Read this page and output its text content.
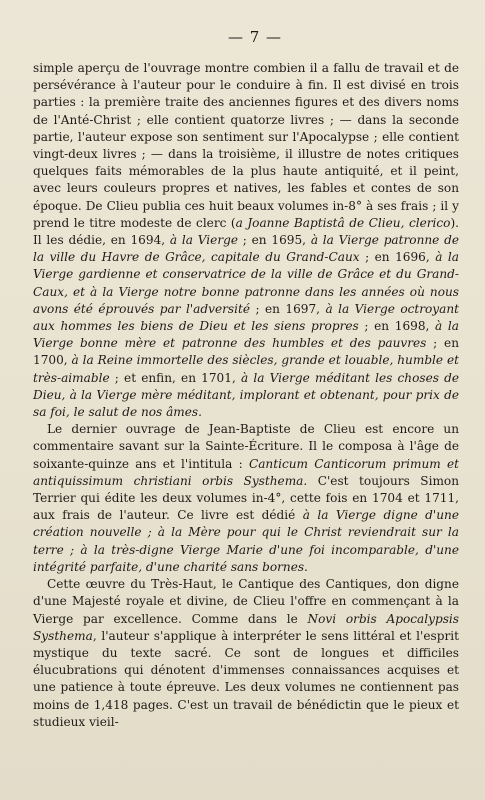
— 7 —

simple aperçu de l'ouvrage montre combien il a fallu de travail et de persévérance à l'auteur pour le conduire à fin. Il est divisé en trois parties : la première traite des anciennes figures et des divers noms de l'Anté-Christ ; elle contient quatorze livres ; — dans la seconde partie, l'auteur expose son sentiment sur l'Apocalypse ; elle contient vingt-deux livres ; — dans la troisième, il illustre de notes critiques quelques faits mémorables de la plus haute antiquité, et il peint, avec leurs couleurs propres et natives, les fables et contes de son époque. De Clieu publia ces huit beaux volumes in-8° à ses frais ; il y prend le titre modeste de clerc (a Joanne Baptistâ de Clieu, clerico). Il les dédie, en 1694, à la Vierge ; en 1695, à la Vierge patronne de la ville du Havre de Grâce, capitale du Grand-Caux ; en 1696, à la Vierge gardienne et conservatrice de la ville de Grâce et du Grand-Caux, et à la Vierge notre bonne patronne dans les années où nous avons été éprouvés par l'adversité ; en 1697, à la Vierge octroyant aux hommes les biens de Dieu et les siens propres ; en 1698, à la Vierge bonne mère et patronne des humbles et des pauvres ; en 1700, à la Reine immortelle des siècles, grande et louable, humble et très-aimable ; et enfin, en 1701, à la Vierge méditant les choses de Dieu, à la Vierge mère méditant, implorant et obtenant, pour prix de sa foi, le salut de nos âmes.

Le dernier ouvrage de Jean-Baptiste de Clieu est encore un commentaire savant sur la Sainte-Écriture. Il le composa à l'âge de soixante-quinze ans et l'intitula : Canticum Canticorum primum et antiquissimum christiani orbis Systhema. C'est toujours Simon Terrier qui édite les deux volumes in-4°, cette fois en 1704 et 1711, aux frais de l'auteur. Ce livre est dédié à la Vierge digne d'une création nouvelle ; à la Mère pour qui le Christ reviendrait sur la terre ; à la très-digne Vierge Marie d'une foi incomparable, d'une intégrité parfaite, d'une charité sans bornes.

Cette œuvre du Très-Haut, le Cantique des Cantiques, don digne d'une Majesté royale et divine, de Clieu l'offre en commençant à la Vierge par excellence. Comme dans le Novi orbis Apocalypsis Systhema, l'auteur s'applique à interpréter le sens littéral et l'esprit mystique du texte sacré. Ce sont de longues et difficiles élucubrations qui dénotent d'immenses connaissances acquises et une patience à toute épreuve. Les deux volumes ne contiennent pas moins de 1,418 pages. C'est un travail de bénédictin que le pieux et studieux vieil-
